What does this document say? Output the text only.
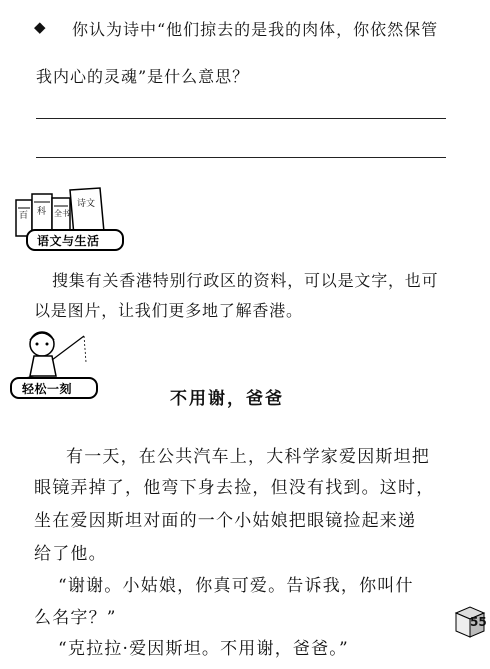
◆ 你认为诗中“他们掠去的是我的肉体，你依然保管
我内心的灵魂”是什么意思？
百 科 全书
诗文
语文与生活
搜集有关香港特别行政区的资料，可以是文字，也可
以是图片，让我们更多地了解香港。
轻松一刻	不用谢，爸爸
有一天，在公共汽车上，大科学家爱因斯坦把
眼镜弄掉了，他弯下身去捡，但没有找到。这时，
坐在爱因斯坦对面的一个小姑娘把眼镜捡起来递
给了他。
“谢谢。小姑娘，你真可爱。告诉我，你叫什
么名字？”
“克拉拉·爱因斯坦。不用谢，爸爸。”
55
